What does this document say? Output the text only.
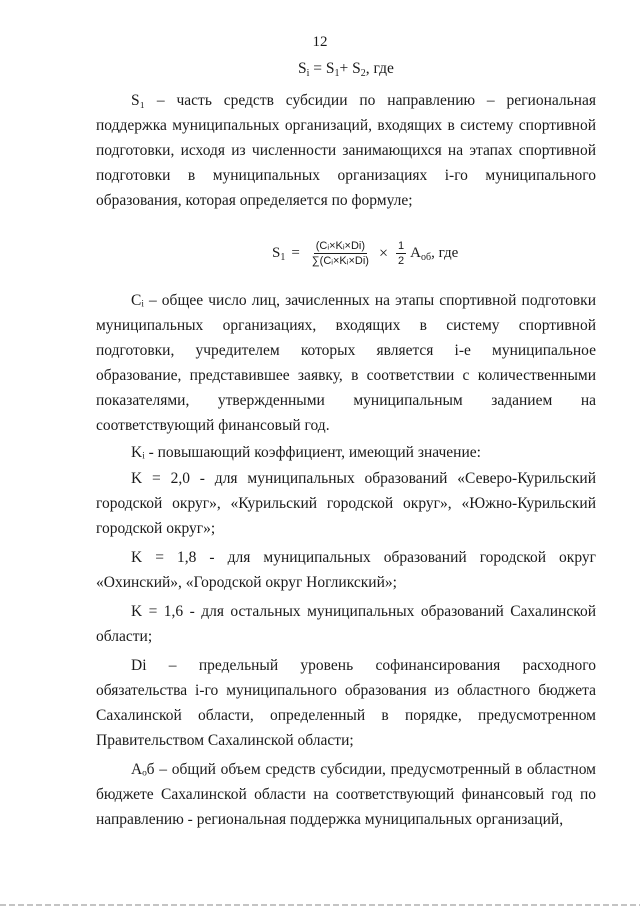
12
$S_i = S_1+ S_2$, где
S₁ – часть средств субсидии по направлению – региональная поддержка муниципальных организаций, входящих в систему спортивной подготовки, исходя из численности занимающихся на этапах спортивной подготовки в муниципальных организациях i-го муниципального образования, которая определяется по формуле;
$S_1 = \frac{\text{(Cᵢ×Kᵢ×Di)}}{\text{∑(Cᵢ×Kᵢ×Di)}} \times \frac{1}{2} A_{об}$ , где
Cᵢ – общее число лиц, зачисленных на этапы спортивной подготовки муниципальных организациях, входящих в систему спортивной подготовки, учредителем которых является i-е муниципальное образование, представившее заявку, в соответствии с количественными показателями, утвержденными муниципальным заданием на соответствующий финансовый год.
Kᵢ - повышающий коэффициент, имеющий значение:
K = 2,0 - для муниципальных образований «Северо-Курильский городской округ», «Курильский городской округ», «Южно-Курильский городской округ»;
K = 1,8 - для муниципальных образований городской округ «Охинский», «Городской округ Ногликский»;
K = 1,6 - для остальных муниципальных образований Сахалинской области;
Di – предельный уровень софинансирования расходного обязательства i-го муниципального образования из областного бюджета Сахалинской области, определенный в порядке, предусмотренном Правительством Сахалинской области;
Aₒб – общий объем средств субсидии, предусмотренный в областном бюджете Сахалинской области на соответствующий финансовый год по направлению - региональная поддержка муниципальных организаций,
